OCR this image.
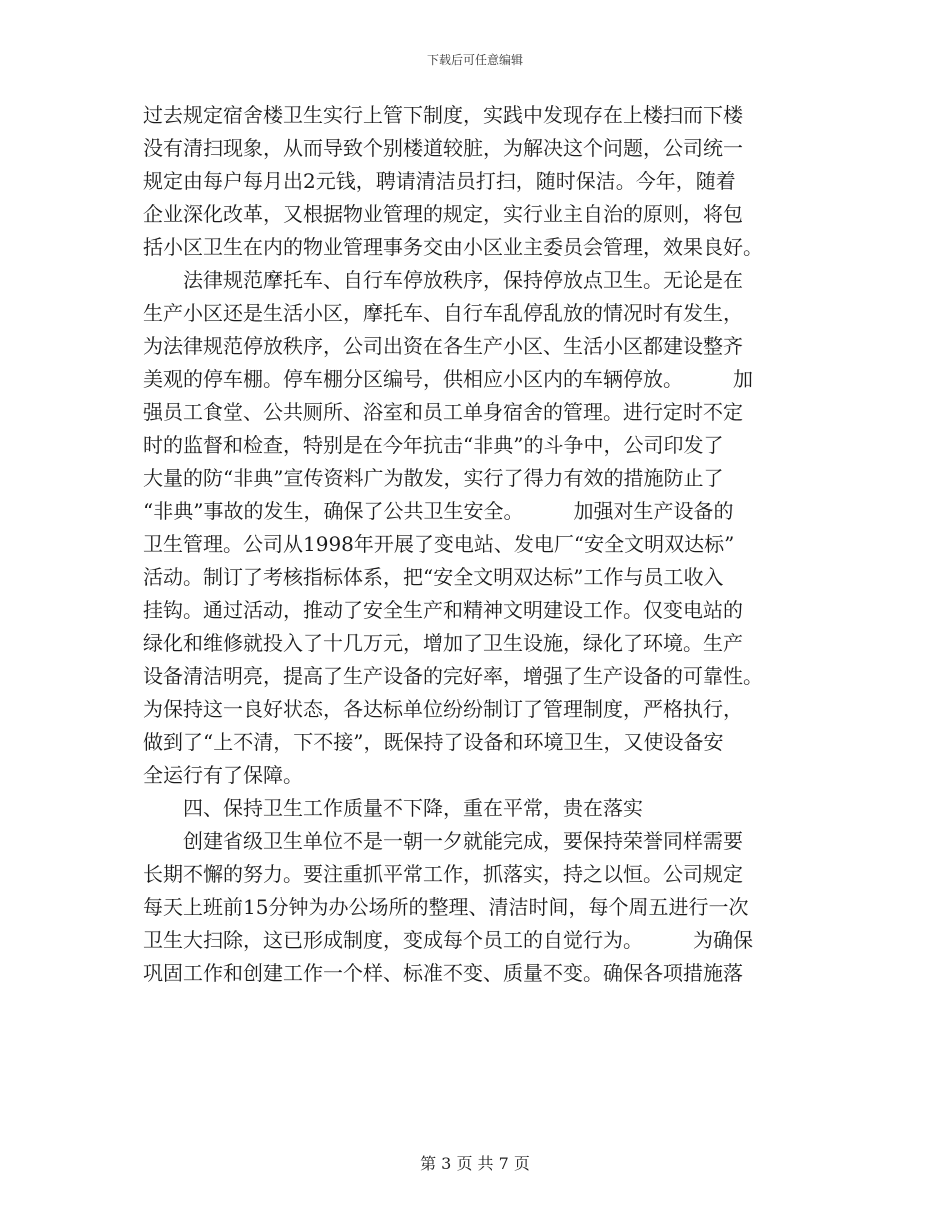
下载后可任意编辑
过去规定宿舍楼卫生实行上管下制度，实践中发现存在上楼扫而下楼
没有清扫现象，从而导致个别楼道较脏，为解决这个问题，公司统一
规定由每户每月出2元钱，聘请清洁员打扫，随时保洁。今年，随着
企业深化改革，又根据物业管理的规定，实行业主自治的原则，将包
括小区卫生在内的物业管理事务交由小区业主委员会管理，效果良好。
　　法律规范摩托车、自行车停放秩序，保持停放点卫生。无论是在
生产小区还是生活小区，摩托车、自行车乱停乱放的情况时有发生，
为法律规范停放秩序，公司出资在各生产小区、生活小区都建设整齐
美观的停车棚。停车棚分区编号，供相应小区内的车辆停放。　　　加
强员工食堂、公共厕所、浴室和员工单身宿舍的管理。进行定时不定
时的监督和检查，特别是在今年抗击“非典”的斗争中，公司印发了
大量的防“非典”宣传资料广为散发，实行了得力有效的措施防止了
“非典”事故的发生，确保了公共卫生安全。　　　加强对生产设备的
卫生管理。公司从1998年开展了变电站、发电厂“安全文明双达标”
活动。制订了考核指标体系，把“安全文明双达标”工作与员工收入
挂钩。通过活动，推动了安全生产和精神文明建设工作。仅变电站的
绿化和维修就投入了十几万元，增加了卫生设施，绿化了环境。生产
设备清洁明亮，提高了生产设备的完好率，增强了生产设备的可靠性。
为保持这一良好状态，各达标单位纷纷制订了管理制度，严格执行，
做到了“上不清，下不接”，既保持了设备和环境卫生，又使设备安
全运行有了保障。
　　四、保持卫生工作质量不下降，重在平常，贵在落实
　　创建省级卫生单位不是一朝一夕就能完成，要保持荣誉同样需要
长期不懈的努力。要注重抓平常工作，抓落实，持之以恒。公司规定
每天上班前15分钟为办公场所的整理、清洁时间，每个周五进行一次
卫生大扫除，这已形成制度，变成每个员工的自觉行为。　　　为确保
巩固工作和创建工作一个样、标准不变、质量不变。确保各项措施落
第 3 页 共 7 页
